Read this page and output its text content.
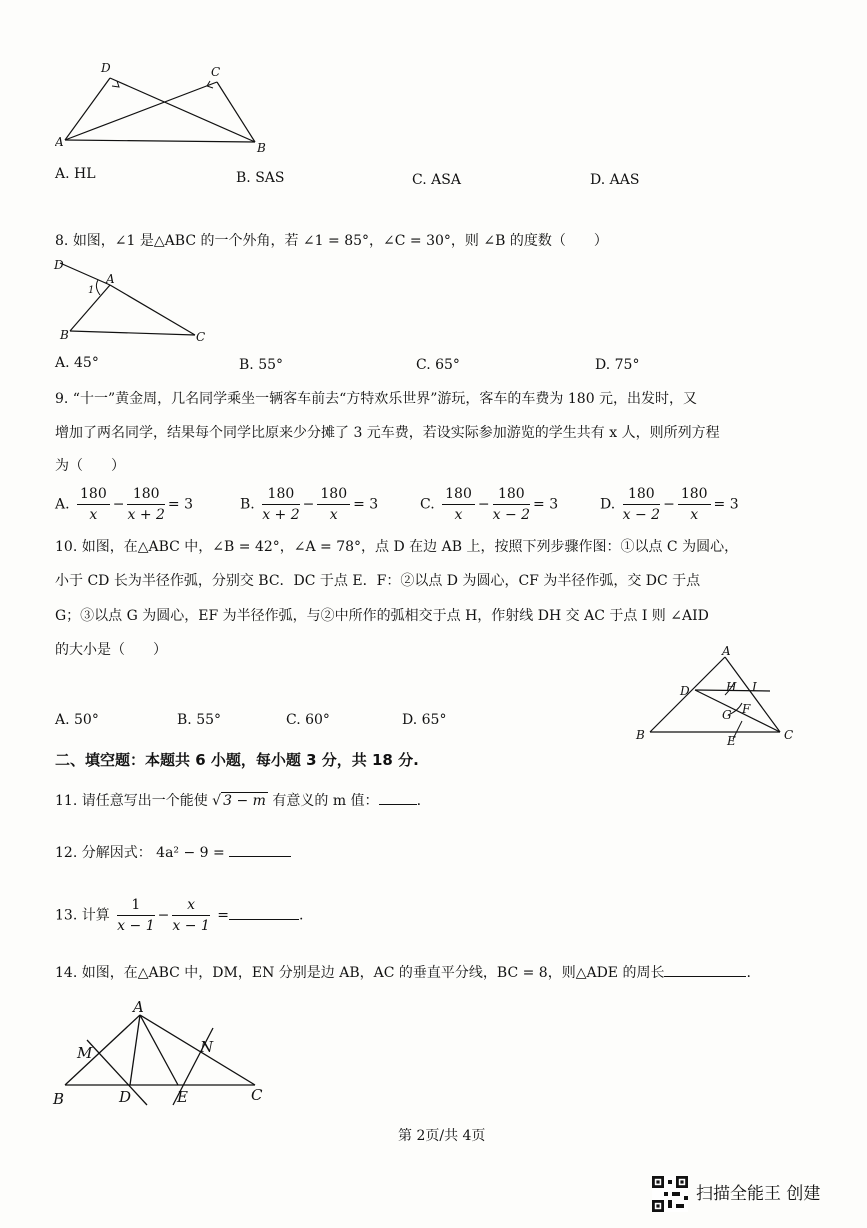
D	C
A	B
A. HL	B. SAS	C. ASA	D. AAS
8. 如图，∠1 是△ABC 的一个外角，若 ∠1 = 85°，∠C = 30°，则 ∠B 的度数（　　）
D
A
1
B	C
A. 45°	B. 55°	C. 65°	D. 75°
9. “十一”黄金周，几名同学乘坐一辆客车前去“方特欢乐世界”游玩，客车的车费为 180 元，出发时，又
增加了两名同学，结果每个同学比原来少分摊了 3 元车费，若设实际参加游览的学生共有 x 人，则所列方程
为（　　）
A. $\frac{180}{x} - \frac{180}{x + 2} = 3$	B. $\frac{180}{x + 2} - \frac{180}{x} = 3$	C. $\frac{180}{x} - \frac{180}{x - 2} = 3$	D. $\frac{180}{x - 2} - \frac{180}{x} = 3$
10. 如图，在△ABC 中，∠B = 42°，∠A = 78°，点 D 在边 AB 上，按照下列步骤作图：①以点 C 为圆心，
小于 CD 长为半径作弧，分别交 BC．DC 于点 E．F：②以点 D 为圆心，CF 为半径作弧，交 DC 于点
G；③以点 G 为圆心，EF 为半径作弧，与②中所作的弧相交于点 H，作射线 DH 交 AC 于点 I 则 ∠AID
的大小是（　　）
A. 50°	B. 55°	C. 60°	D. 65°
A
D	H I
F
G
B	E	C
二、填空题：本题共 6 小题，每小题 3 分，共 18 分.
11. 请任意写出一个能使 √ 3 − m 有意义的 m 值：	.
12. 分解因式： 4a² − 9 =
13. 计算 $\frac{1}{x - 1} - \frac{x}{x - 1}$ =	.
14. 如图，在△ABC 中，DM，EN 分别是边 AB，AC 的垂直平分线，BC = 8，则△ADE 的周长	.
A
M	N
B	D	E	C
第 2页/共 4页
扫描全能王 创建
